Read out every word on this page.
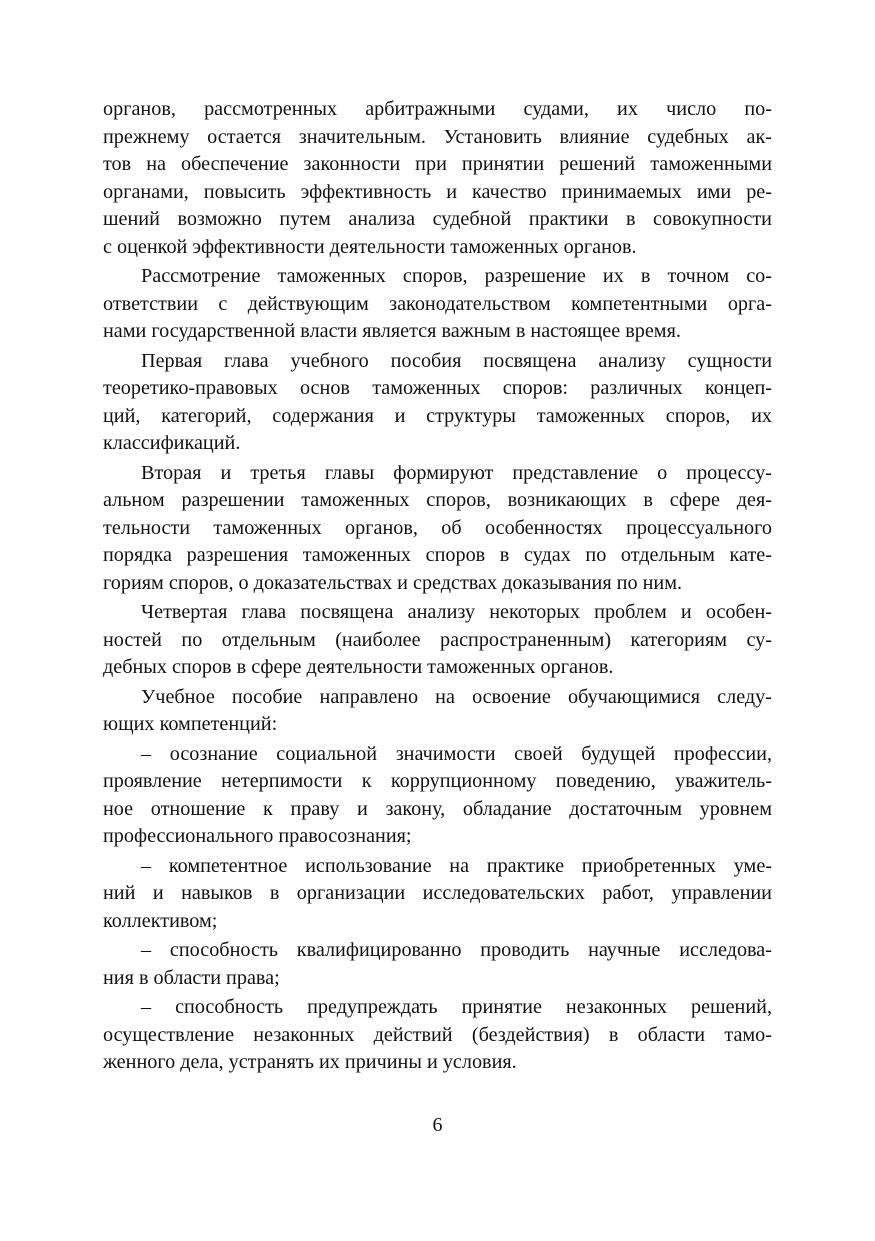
органов, рассмотренных арбитражными судами, их число по-
прежнему остается значительным. Установить влияние судебных ак-
тов на обеспечение законности при принятии решений таможенными
органами, повысить эффективность и качество принимаемых ими ре-
шений возможно путем анализа судебной практики в совокупности
с оценкой эффективности деятельности таможенных органов.
Рассмотрение таможенных споров, разрешение их в точном со-
ответствии с действующим законодательством компетентными орга-
нами государственной власти является важным в настоящее время.
Первая глава учебного пособия посвящена анализу сущности
теоретико-правовых основ таможенных споров: различных концеп-
ций, категорий, содержания и структуры таможенных споров, их
классификаций.
Вторая и третья главы формируют представление о процессу-
альном разрешении таможенных споров, возникающих в сфере дея-
тельности таможенных органов, об особенностях процессуального
порядка разрешения таможенных споров в судах по отдельным кате-
гориям споров, о доказательствах и средствах доказывания по ним.
Четвертая глава посвящена анализу некоторых проблем и особен-
ностей по отдельным (наиболее распространенным) категориям су-
дебных споров в сфере деятельности таможенных органов.
Учебное пособие направлено на освоение обучающимися следу-
ющих компетенций:
– осознание социальной значимости своей будущей профессии,
проявление нетерпимости к коррупционному поведению, уважитель-
ное отношение к праву и закону, обладание достаточным уровнем
профессионального правосознания;
– компетентное использование на практике приобретенных уме-
ний и навыков в организации исследовательских работ, управлении
коллективом;
– способность квалифицированно проводить научные исследова-
ния в области права;
– способность предупреждать принятие незаконных решений,
осуществление незаконных действий (бездействия) в области тамо-
женного дела, устранять их причины и условия.
6
